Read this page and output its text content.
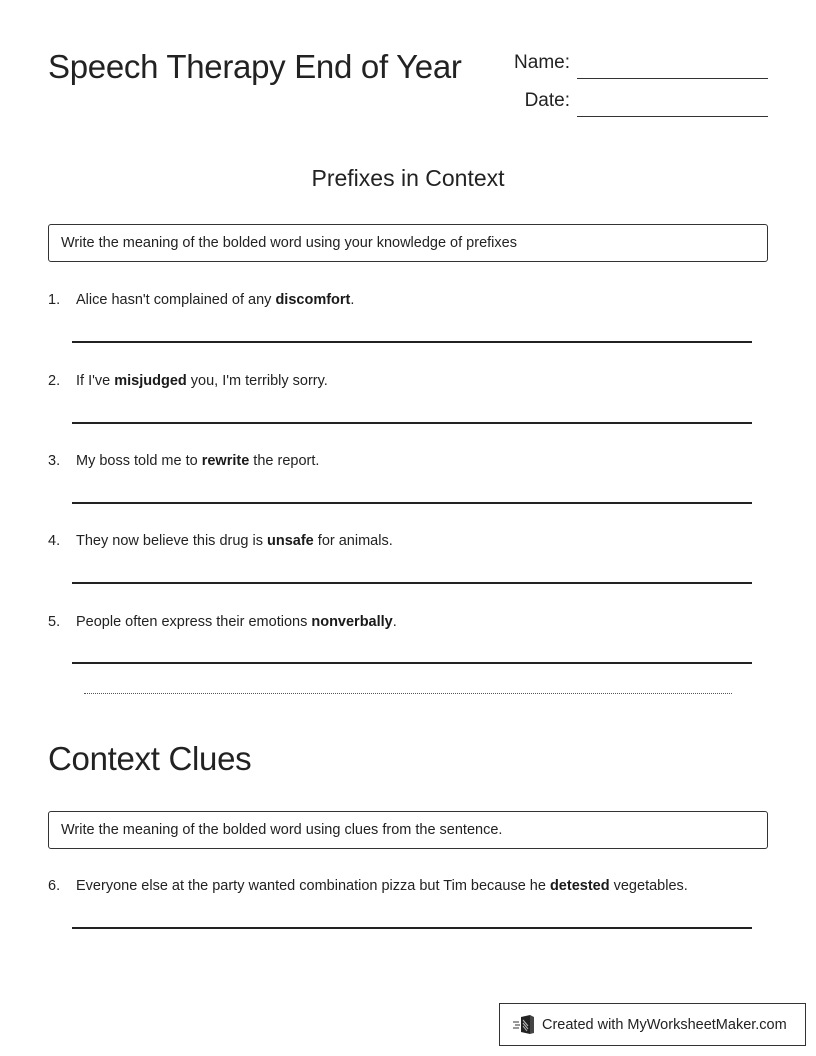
Speech Therapy End of Year	Name:
Date:
Prefixes in Context
Write the meaning of the bolded word using your knowledge of prefixes
1. Alice hasn't complained of any discomfort.
2. If I've misjudged you, I'm terribly sorry.
3. My boss told me to rewrite the report.
4. They now believe this drug is unsafe for animals.
5. People often express their emotions nonverbally.
Context Clues
Write the meaning of the bolded word using clues from the sentence.
6. Everyone else at the party wanted combination pizza but Tim because he detested vegetables.
Created with MyWorksheetMaker.com
